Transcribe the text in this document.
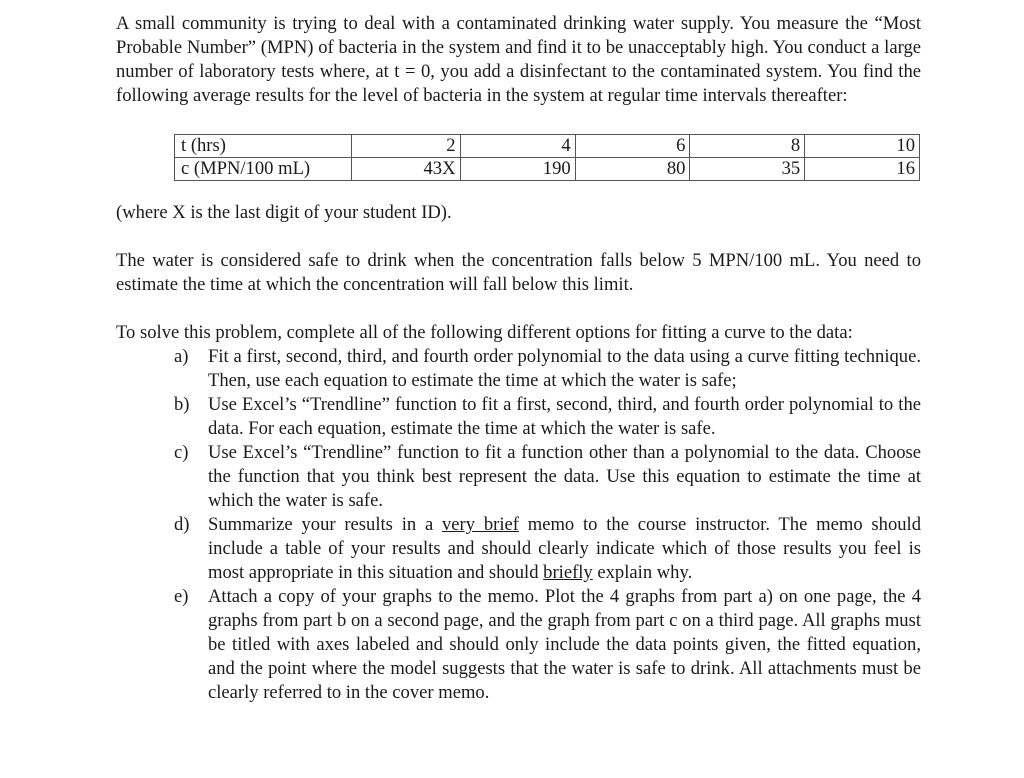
A small community is trying to deal with a contaminated drinking water supply. You measure the “Most Probable Number” (MPN) of bacteria in the system and find it to be unacceptably high. You conduct a large number of laboratory tests where, at t = 0, you add a disinfectant to the contaminated system. You find the following average results for the level of bacteria in the system at regular time intervals thereafter:

t (hrs)	2	4	6	8	10
c (MPN/100 mL)	43X	190	80	35	16

(where X is the last digit of your student ID).

The water is considered safe to drink when the concentration falls below 5 MPN/100 mL. You need to estimate the time at which the concentration will fall below this limit.

To solve this problem, complete all of the following different options for fitting a curve to the data:

a) Fit a first, second, third, and fourth order polynomial to the data using a curve fitting technique. Then, use each equation to estimate the time at which the water is safe;
b) Use Excel’s “Trendline” function to fit a first, second, third, and fourth order polynomial to the data. For each equation, estimate the time at which the water is safe.
c) Use Excel’s “Trendline” function to fit a function other than a polynomial to the data. Choose the function that you think best represent the data. Use this equation to estimate the time at which the water is safe.
d) Summarize your results in a very brief memo to the course instructor. The memo should include a table of your results and should clearly indicate which of those results you feel is most appropriate in this situation and should briefly explain why.
e) Attach a copy of your graphs to the memo. Plot the 4 graphs from part a) on one page, the 4 graphs from part b on a second page, and the graph from part c on a third page. All graphs must be titled with axes labeled and should only include the data points given, the fitted equation, and the point where the model suggests that the water is safe to drink. All attachments must be clearly referred to in the cover memo.
